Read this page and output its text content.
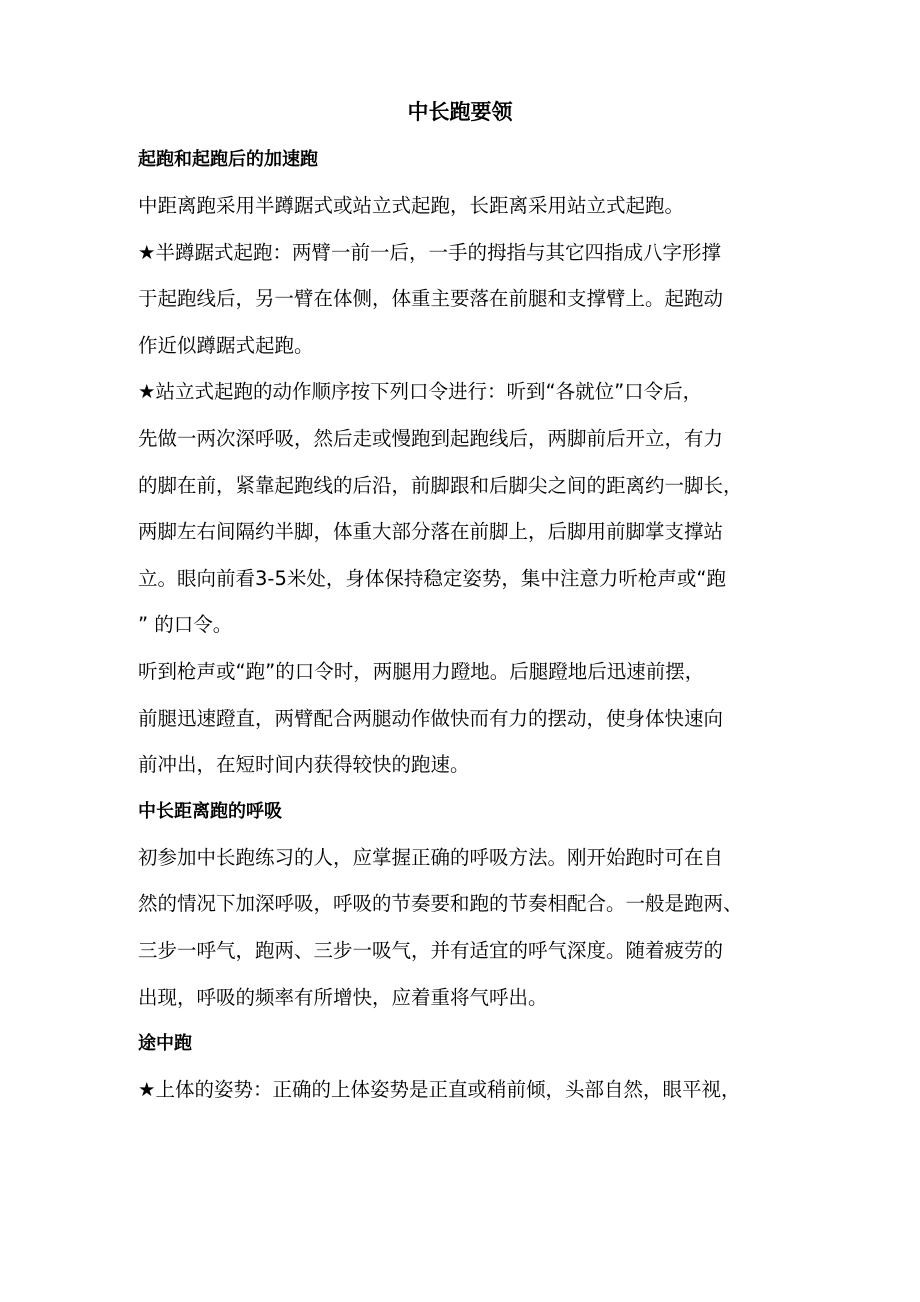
中长跑要领
起跑和起跑后的加速跑
中距离跑采用半蹲踞式或站立式起跑，长距离采用站立式起跑。
★半蹲踞式起跑：两臂一前一后，一手的拇指与其它四指成八字形撑
于起跑线后，另一臂在体侧，体重主要落在前腿和支撑臂上。起跑动
作近似蹲踞式起跑。
★站立式起跑的动作顺序按下列口令进行：听到“各就位”口令后，
先做一两次深呼吸，然后走或慢跑到起跑线后，两脚前后开立，有力
的脚在前，紧靠起跑线的后沿，前脚跟和后脚尖之间的距离约一脚长，
两脚左右间隔约半脚，体重大部分落在前脚上，后脚用前脚掌支撑站
立。眼向前看3-5米处，身体保持稳定姿势，集中注意力听枪声或“跑
” 的口令。
听到枪声或“跑”的口令时，两腿用力蹬地。后腿蹬地后迅速前摆，
前腿迅速蹬直，两臂配合两腿动作做快而有力的摆动，使身体快速向
前冲出，在短时间内获得较快的跑速。
中长距离跑的呼吸
初参加中长跑练习的人，应掌握正确的呼吸方法。刚开始跑时可在自
然的情况下加深呼吸，呼吸的节奏要和跑的节奏相配合。一般是跑两、
三步一呼气，跑两、三步一吸气，并有适宜的呼气深度。随着疲劳的
出现，呼吸的频率有所增快，应着重将气呼出。
途中跑
★上体的姿势：正确的上体姿势是正直或稍前倾，头部自然，眼平视，
